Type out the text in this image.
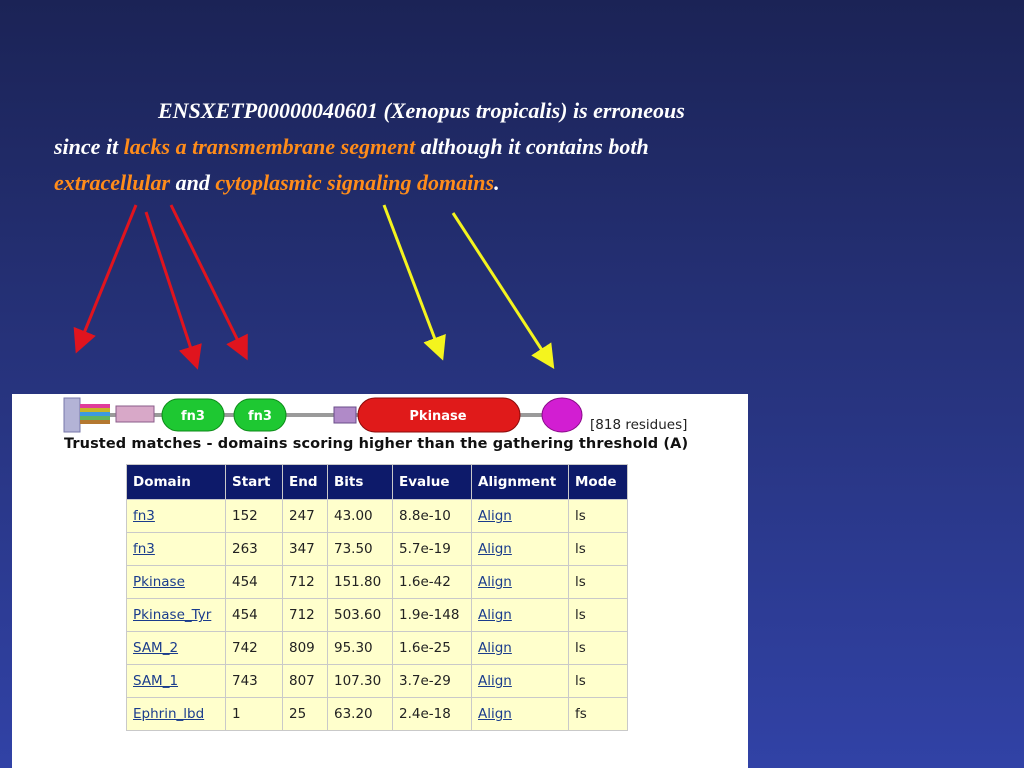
ENSXETP00000040601 (Xenopus tropicalis) is erroneous
since it lacks a transmembrane segment although it contains both
extracellular and cytoplasmic signaling domains.
fn3	fn3	Pkinase
[818 residues]
Trusted matches - domains scoring higher than the gathering threshold (A)
Domain	Start	End	Bits	Evalue	Alignment	Mode
fn3	152	247	43.00	8.8e-10	Align	ls
fn3	263	347	73.50	5.7e-19	Align	ls
Pkinase	454	712	151.80	1.6e-42	Align	ls
Pkinase_Tyr	454	712	503.60	1.9e-148	Align	ls
SAM_2	742	809	95.30	1.6e-25	Align	ls
SAM_1	743	807	107.30	3.7e-29	Align	ls
Ephrin_lbd	1	25	63.20	2.4e-18	Align	fs
